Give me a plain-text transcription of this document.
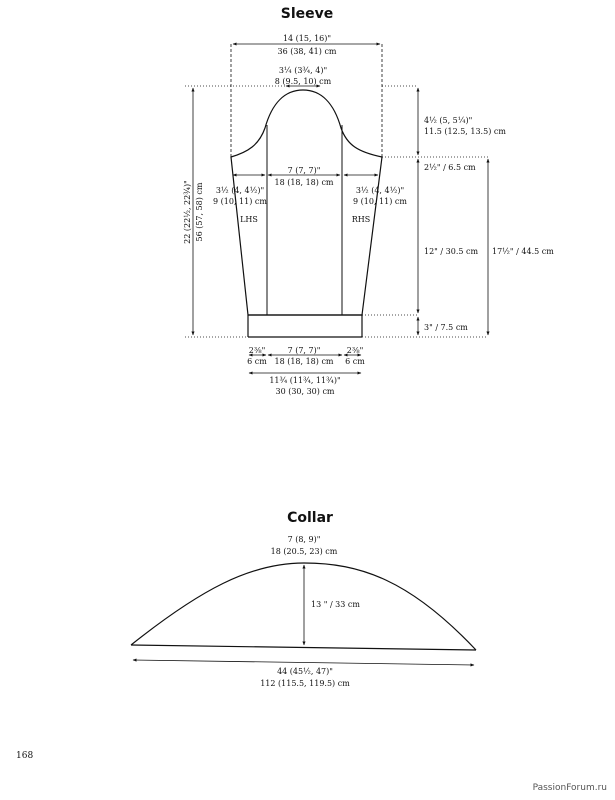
Sleeve
14 (15, 16)"
36 (38, 41) cm
3¼ (3¾, 4)"
8 (9.5, 10) cm
7 (7, 7)"
18 (18, 18) cm
3½ (4, 4½)"
9 (10, 11) cm
3½ (4, 4½)"
9 (10, 11) cm
LHS	RHS
22 (22½, 22¾)" 56 (57, 58) cm
4½ (5, 5¼)"
11.5 (12.5, 13.5) cm
2½" / 6.5 cm
12" / 30.5 cm
3" / 7.5 cm
17½" / 44.5 cm
2⅜"
6 cm
7 (7, 7)"
18 (18, 18) cm
2⅜"
6 cm
11¾ (11¾, 11¾)"
30 (30, 30) cm
Collar
7 (8, 9)"
18 (20.5, 23) cm
13 " / 33 cm
44 (45½, 47)"
112 (115.5, 119.5) cm
168
PassionForum.ru
